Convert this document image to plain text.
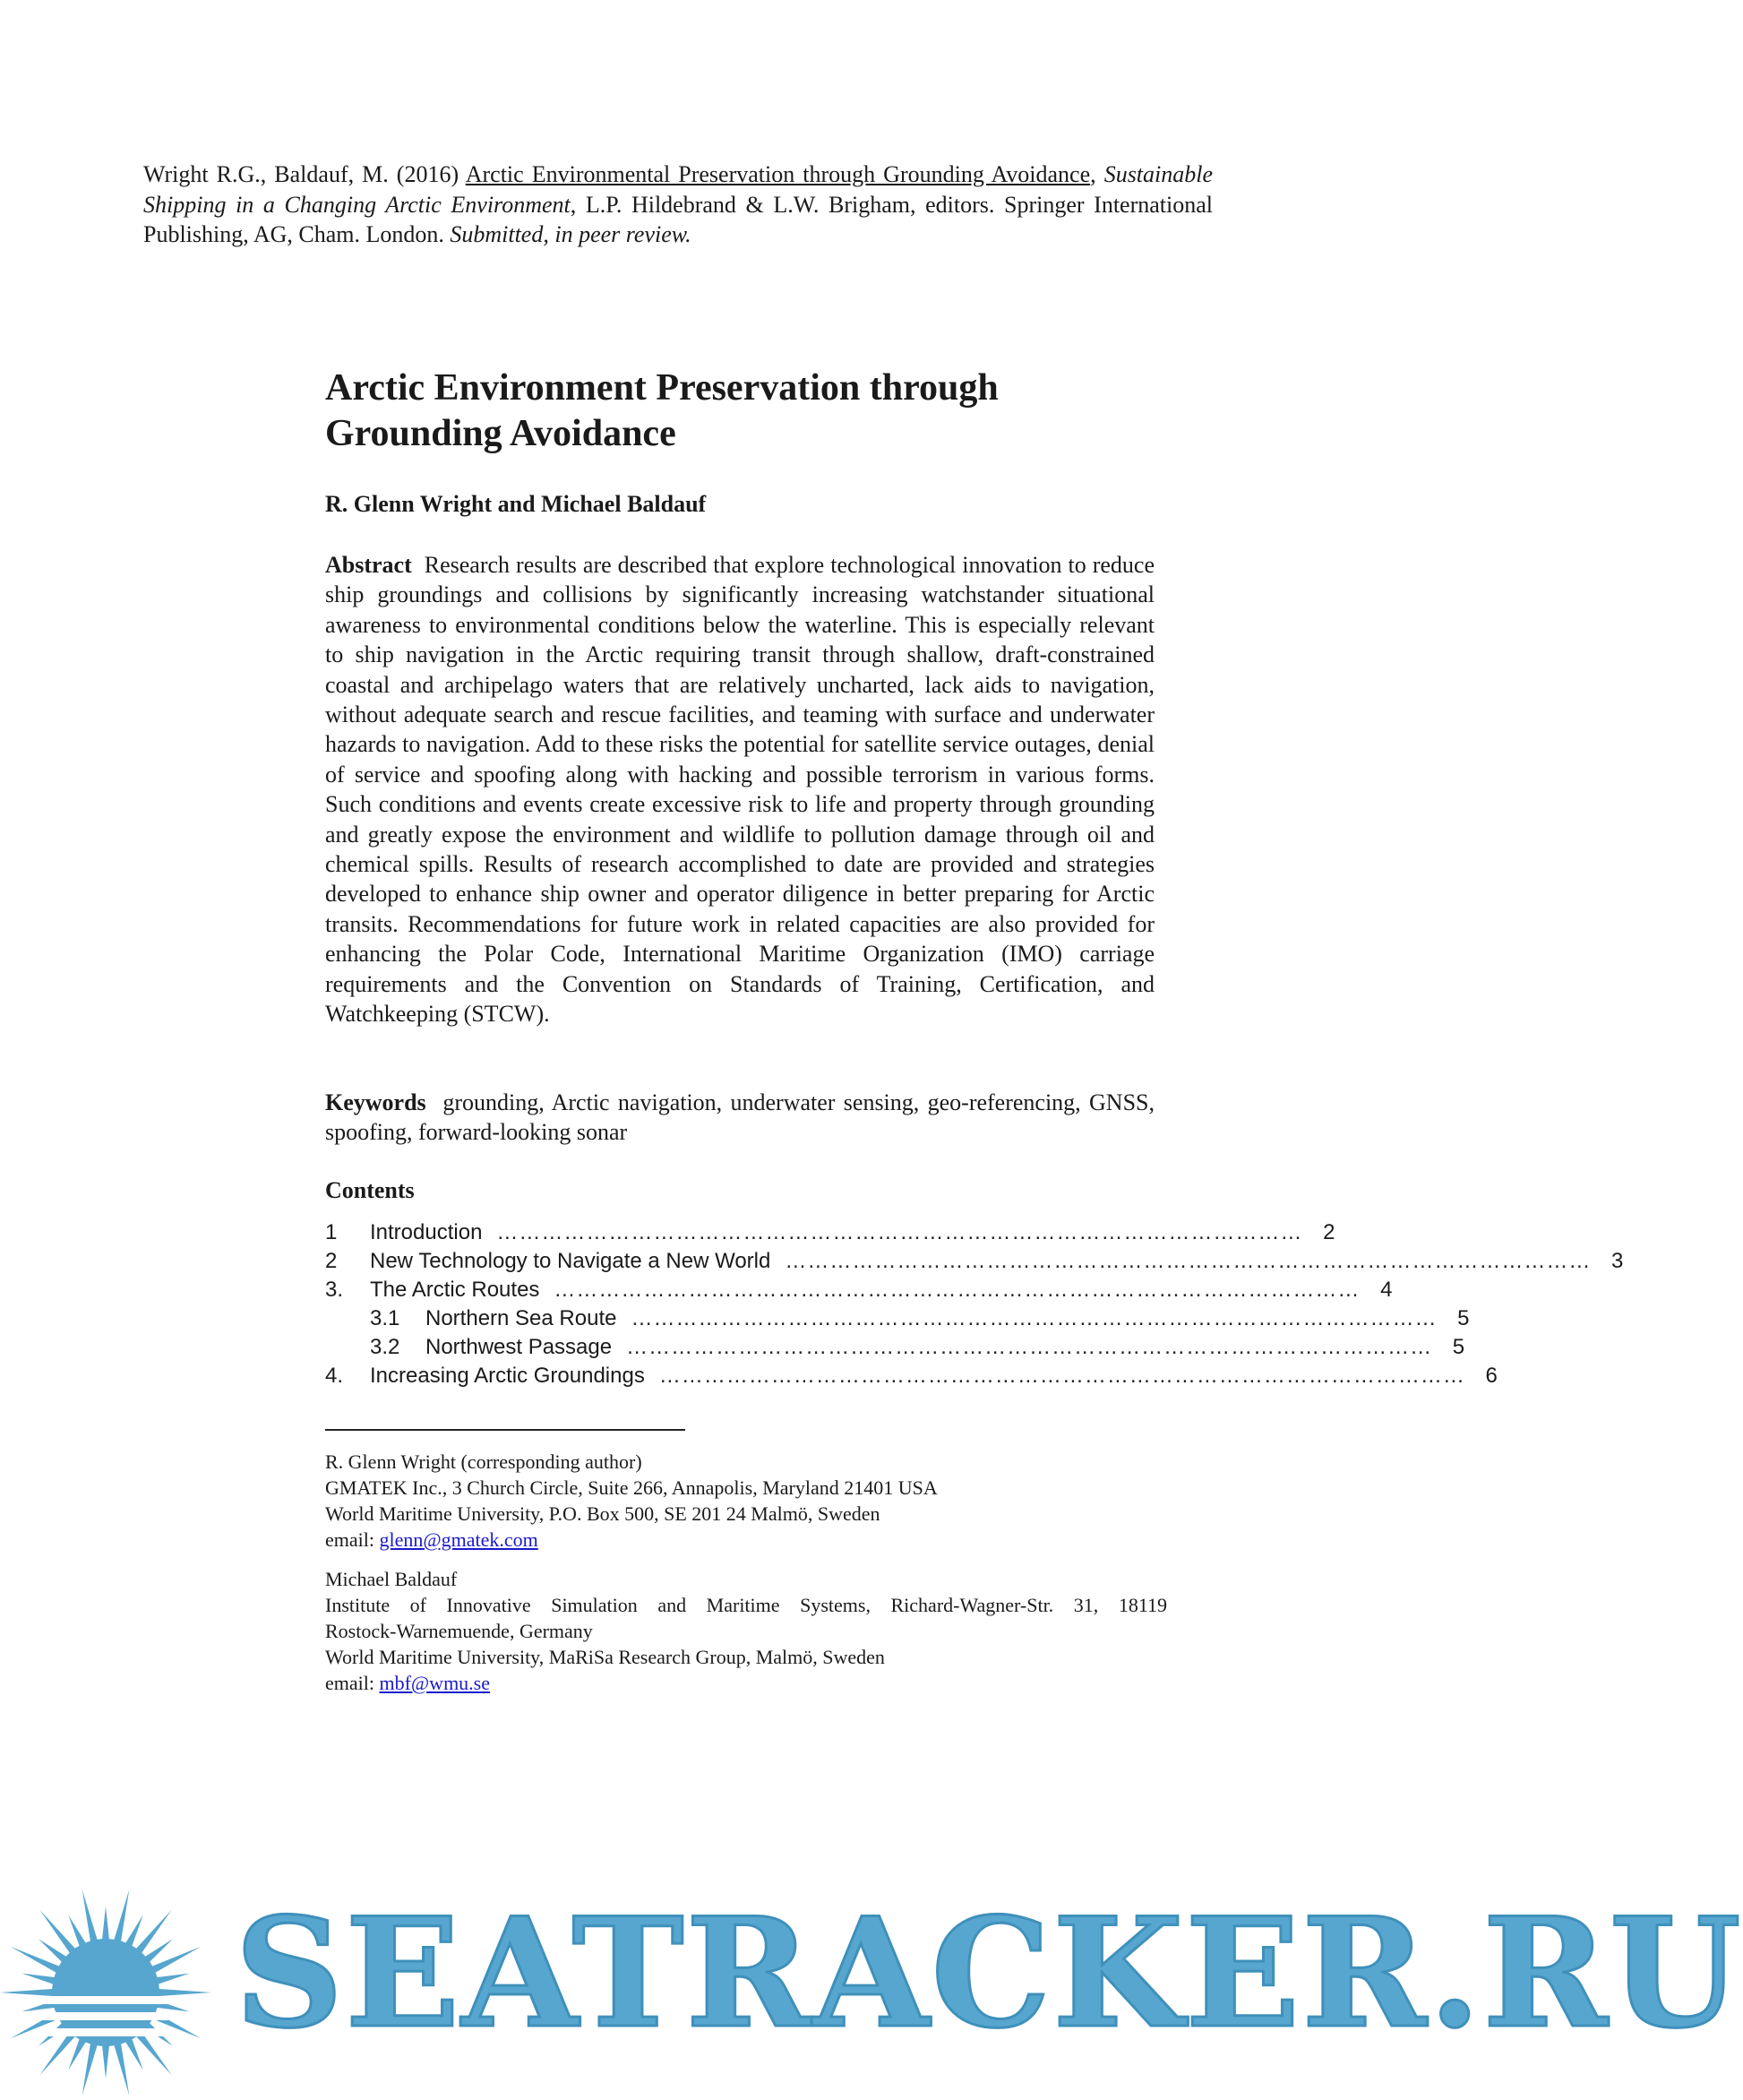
Wright R.G., Baldauf, M. (2016) Arctic Environmental Preservation through Grounding Avoidance, Sustainable Shipping in a Changing Arctic Environment, L.P. Hildebrand & L.W. Brigham, editors. Springer International Publishing, AG, Cham. London. Submitted, in peer review.
Arctic Environment Preservation through
Grounding Avoidance
R. Glenn Wright and Michael Baldauf
Abstract Research results are described that explore technological innovation to reduce ship groundings and collisions by significantly increasing watchstander situational awareness to environmental conditions below the waterline. This is especially relevant to ship navigation in the Arctic requiring transit through shallow, draft-constrained coastal and archipelago waters that are relatively uncharted, lack aids to navigation, without adequate search and rescue facilities, and teaming with surface and underwater hazards to navigation. Add to these risks the potential for satellite service outages, denial of service and spoofing along with hacking and possible terrorism in various forms. Such conditions and events create excessive risk to life and property through grounding and greatly expose the environment and wildlife to pollution damage through oil and chemical spills. Results of research accomplished to date are provided and strategies developed to enhance ship owner and operator diligence in better preparing for Arctic transits. Recommendations for future work in related capacities are also provided for enhancing the Polar Code, International Maritime Organization (IMO) carriage requirements and the Convention on Standards of Training, Certification, and Watchkeeping (STCW).
Keywords grounding, Arctic navigation, underwater sensing, geo-referencing, GNSS, spoofing, forward-looking sonar
Contents
1	Introduction ……………………………………………………………………………………………… 2
2	New Technology to Navigate a New World ……………………………………………………………………………………………… 3
3.	The Arctic Routes ……………………………………………………………………………………………… 4
3.1	Northern Sea Route ……………………………………………………………………………………………… 5
3.2	Northwest Passage ……………………………………………………………………………………………… 5
4.	Increasing Arctic Groundings ……………………………………………………………………………………………… 6
R. Glenn Wright (corresponding author)
GMATEK Inc., 3 Church Circle, Suite 266, Annapolis, Maryland 21401 USA
World Maritime University, P.O. Box 500, SE 201 24 Malmö, Sweden
email: glenn@gmatek.com
Michael Baldauf
Institute of Innovative Simulation and Maritime Systems, Richard-Wagner-Str. 31, 18119
Rostock-Warnemuende, Germany
World Maritime University, MaRiSa Research Group, Malmö, Sweden
email: mbf@wmu.se
SEATRACKER.RU
